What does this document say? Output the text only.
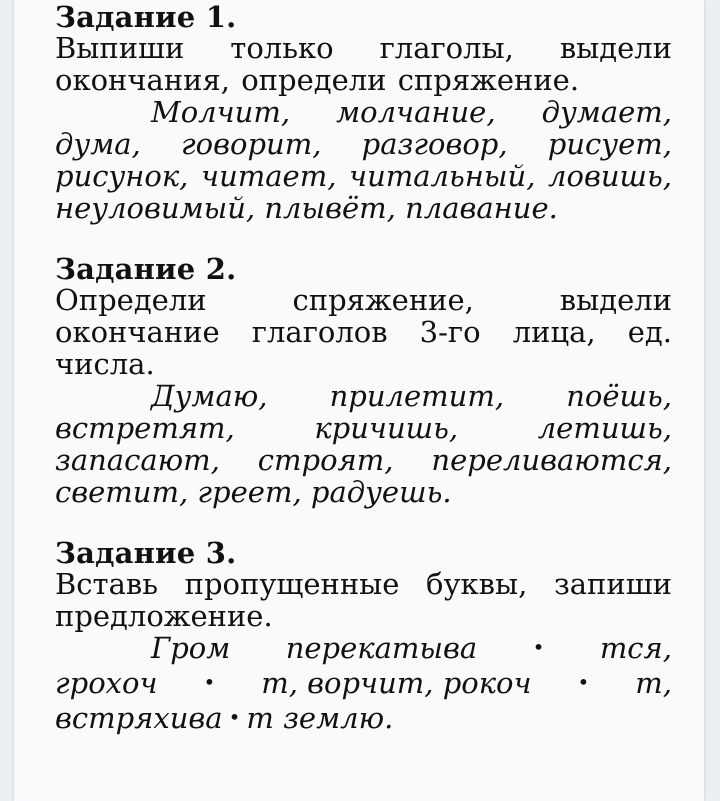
Задание 1.

Выпиши только глаголы, выдели окончания, определи спряжение.

Молчит, молчание, думает, дума, говорит, разговор, рисует, рисунок, читает, читальный, ловишь, неуловимый, плывёт, плавание.

Задание 2.

Определи спряжение, выдели окончание глаголов 3-го лица, ед. числа.

Думаю, прилетит, поёшь, встретят, кричишь, летишь, запасают, строят, переливаются, светит, греет, радуешь.

Задание 3.

Вставь пропущенные буквы, запиши предложение.

Гром перекатыва	• тся,
грохоч • т, ворчит, рокоч • т,
встряхива • т землю.
